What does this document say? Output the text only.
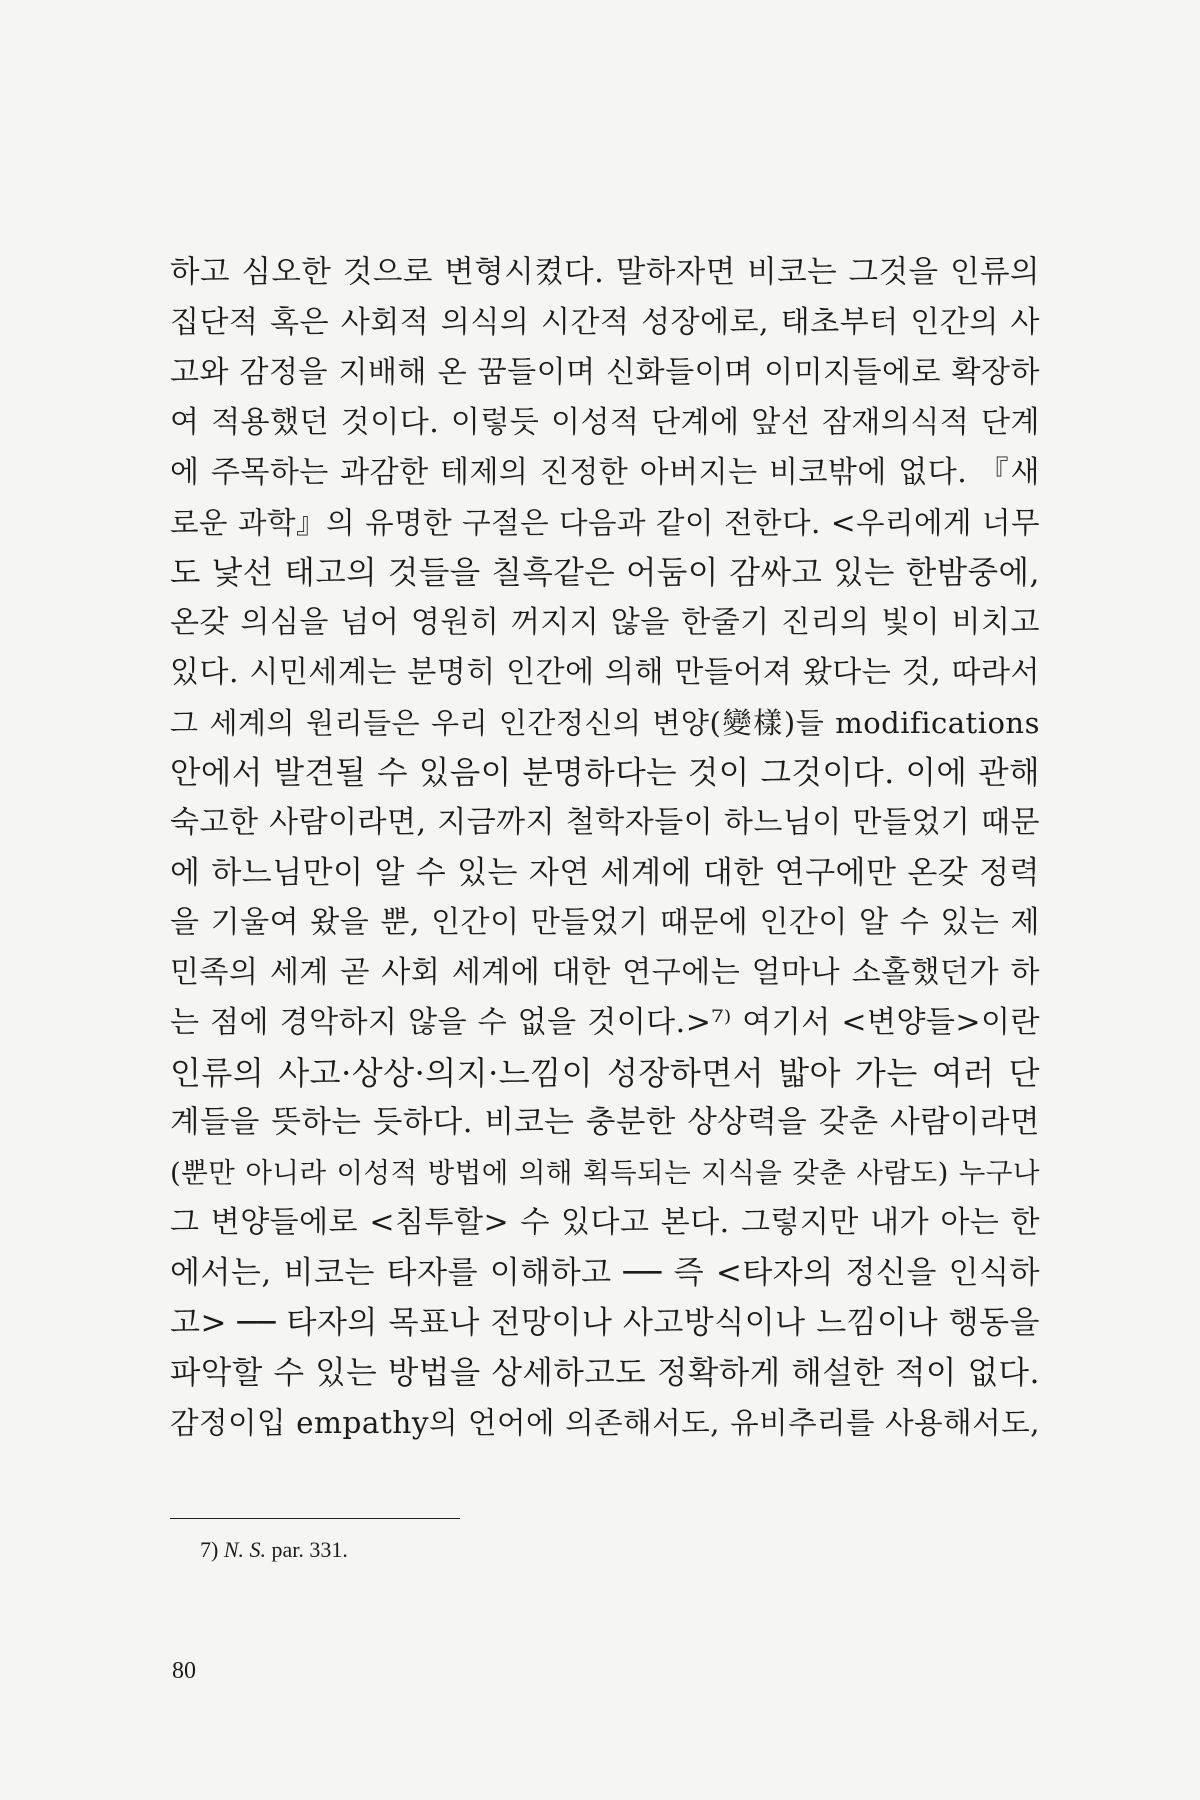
하고 심오한 것으로 변형시켰다. 말하자면 비코는 그것을 인류의
집단적 혹은 사회적 의식의 시간적 성장에로, 태초부터 인간의 사
고와 감정을 지배해 온 꿈들이며 신화들이며 이미지들에로 확장하
여 적용했던 것이다. 이렇듯 이성적 단계에 앞선 잠재의식적 단계
에 주목하는 과감한 테제의 진정한 아버지는 비코밖에 없다. 『새
로운 과학』의 유명한 구절은 다음과 같이 전한다. <우리에게 너무
도 낯선 태고의 것들을 칠흑같은 어둠이 감싸고 있는 한밤중에,
온갖 의심을 넘어 영원히 꺼지지 않을 한줄기 진리의 빛이 비치고
있다. 시민세계는 분명히 인간에 의해 만들어져 왔다는 것, 따라서
그 세계의 원리들은 우리 인간정신의 변양(變樣)들 modifications
안에서 발견될 수 있음이 분명하다는 것이 그것이다. 이에 관해
숙고한 사람이라면, 지금까지 철학자들이 하느님이 만들었기 때문
에 하느님만이 알 수 있는 자연 세계에 대한 연구에만 온갖 정력
을 기울여 왔을 뿐, 인간이 만들었기 때문에 인간이 알 수 있는 제
민족의 세계 곧 사회 세계에 대한 연구에는 얼마나 소홀했던가 하
는 점에 경악하지 않을 수 없을 것이다.>⁷⁾ 여기서 <변양들>이란
인류의 사고·상상·의지·느낌이 성장하면서 밟아 가는 여러 단
계들을 뜻하는 듯하다. 비코는 충분한 상상력을 갖춘 사람이라면
(뿐만 아니라 이성적 방법에 의해 획득되는 지식을 갖춘 사람도) 누구나
그 변양들에로 <침투할> 수 있다고 본다. 그렇지만 내가 아는 한
에서는, 비코는 타자를 이해하고 ── 즉 <타자의 정신을 인식하
고> ── 타자의 목표나 전망이나 사고방식이나 느낌이나 행동을
파악할 수 있는 방법을 상세하고도 정확하게 해설한 적이 없다.
감정이입 empathy의 언어에 의존해서도, 유비추리를 사용해서도,
7) N. S. par. 331.
80
